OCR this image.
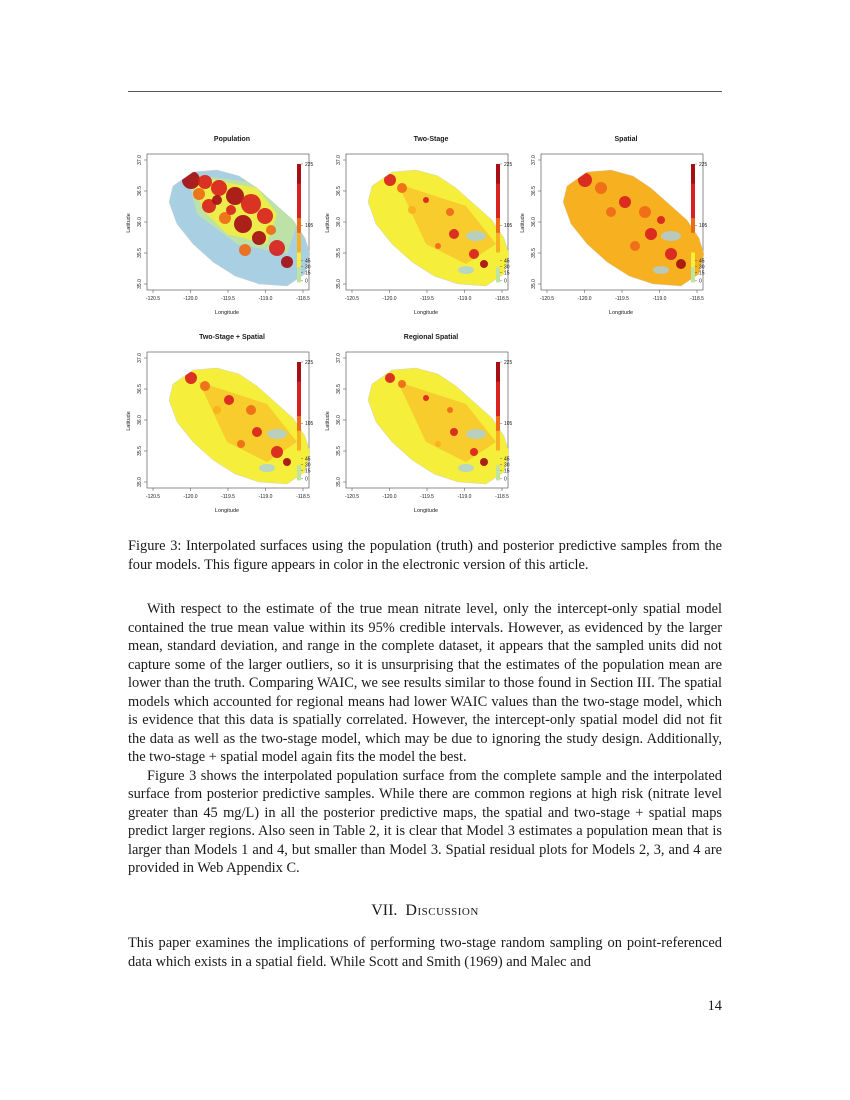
Population
-120.5	-120.0	-119.5	-119.0	-118.5
35.0
35.5
36.0
36.5
37.0	225
105
45
30
15
0
Longitude
Latitude
Two-Stage
-120.5	-120.0	-119.5	-119.0	-118.5
35.0
35.5
36.0
36.5
37.0	225
105
45
30
15
0
Longitude
Latitude
Spatial
-120.5	-120.0	-119.5	-119.0	-118.5
35.0
35.5
36.0
36.5
37.0	225
105
45
30
15
0
Longitude
Latitude
Two-Stage + Spatial
-120.5	-120.0	-119.5	-119.0	-118.5
35.0
35.5
36.0
36.5
37.0	225
105
45
30
15
0
Longitude
Latitude
Regional Spatial
-120.5	-120.0	-119.5	-119.0	-118.5
35.0
35.5
36.0
36.5
37.0	225
105
45
30
15
0
Longitude
Latitude
Figure 3: Interpolated surfaces using the population (truth) and posterior predictive samples from the four models. This figure appears in color in the electronic version of this article.

With respect to the estimate of the true mean nitrate level, only the intercept-only spatial model contained the true mean value within its 95% credible intervals. However, as evidenced by the larger mean, standard deviation, and range in the complete dataset, it appears that the sampled units did not capture some of the larger outliers, so it is unsurprising that the estimates of the population mean are lower than the truth. Comparing WAIC, we see results similar to those found in Section III. The spatial models which accounted for regional means had lower WAIC values than the two-stage model, which is evidence that this data is spatially correlated. However, the intercept-only spatial model did not fit the data as well as the two-stage model, which may be due to ignoring the study design. Additionally, the two-stage + spatial model again fits the model the best.

Figure 3 shows the interpolated population surface from the complete sample and the interpolated surface from posterior predictive samples. While there are common regions at high risk (nitrate level greater than 45 mg/L) in all the posterior predictive maps, the spatial and two-stage + spatial maps predict larger regions. Also seen in Table 2, it is clear that Model 3 estimates a population mean that is larger than Models 1 and 4, but smaller than Model 3. Spatial residual plots for Models 2, 3, and 4 are provided in Web Appendix C.

VII. Discussion

This paper examines the implications of performing two-stage random sampling on point-referenced data which exists in a spatial field. While Scott and Smith (1969) and Malec and

14
